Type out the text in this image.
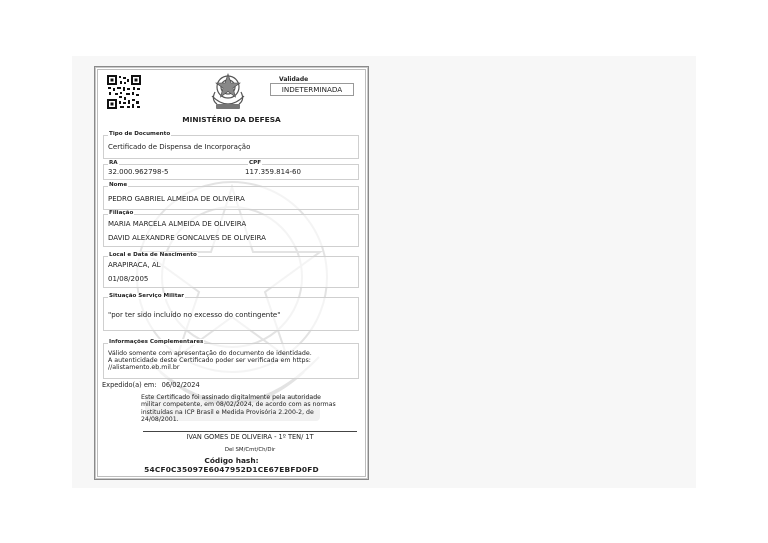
Validade
INDETERMINADA
MINISTÉRIO DA DEFESA
Tipo de Documento
Certificado de Dispensa de Incorporação
RA
32.000.962798-5
CPF
117.359.814-60
Nome
PEDRO GABRIEL ALMEIDA DE OLIVEIRA
Filiação
MARIA MARCELA ALMEIDA DE OLIVEIRA
DAVID ALEXANDRE GONCALVES DE OLIVEIRA
Local e Data de Nascimento
ARAPIRACA, AL
01/08/2005
Situação Serviço Militar
"por ter sido incluído no excesso do contingente"
Informações Complementares
Válido somente com apresentação do documento de identidade.
A autenticidade deste Certificado poder ser verificada em https:
//alistamento.eb.mil.br
Expedido(a) em: 06/02/2024
Este Certificado foi assinado digitalmente pela autoridade
militar competente, em 08/02/2024, de acordo com as normas
instituídas na ICP Brasil e Medida Provisória 2.200-2, de
24/08/2001.
IVAN GOMES DE OLIVEIRA - 1º TEN/ 1T
Del SM/Cmt/Ch/Dir
Código hash:
54CF0C35097E6047952D1CE67EBFD0FD
